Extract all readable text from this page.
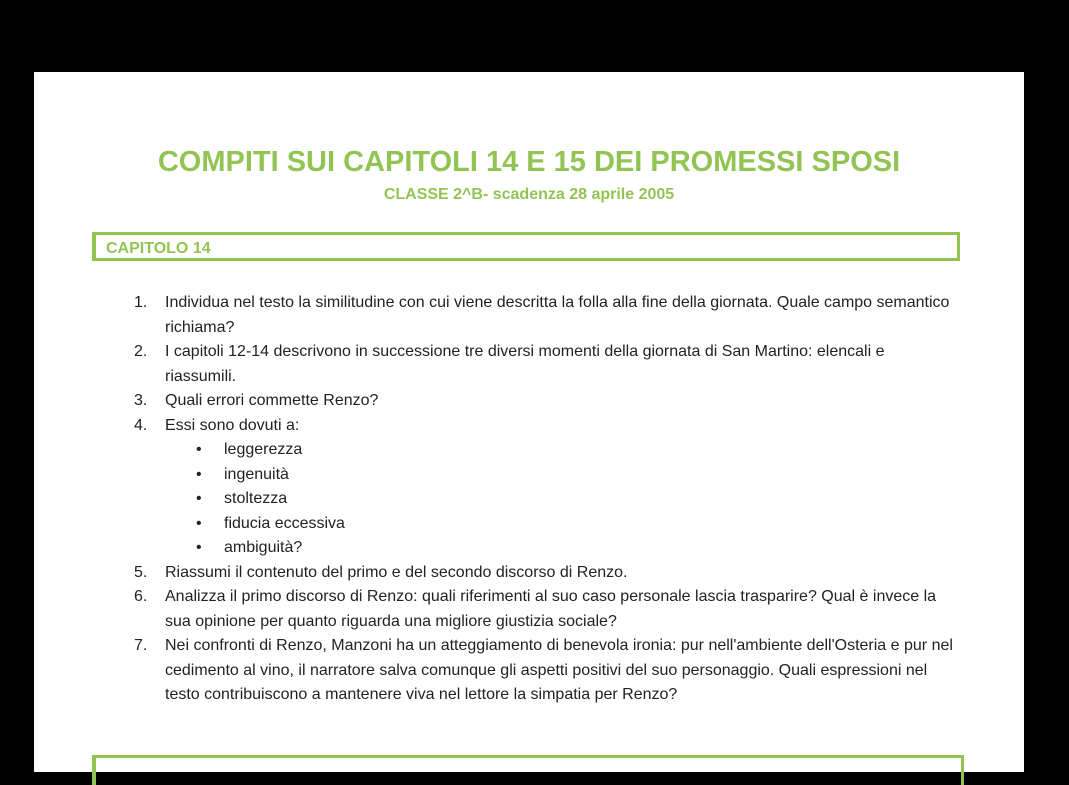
COMPITI SUI CAPITOLI 14 E 15 DEI PROMESSI SPOSI
CLASSE 2^B- scadenza 28 aprile 2005
CAPITOLO 14
1.	Individua nel testo la similitudine con cui viene descritta la folla alla fine della giornata. Quale campo semantico richiama?
2.	I capitoli 12-14 descrivono in successione tre diversi momenti della giornata di San Martino: elencali e riassumili.
3.	Quali errori commette Renzo?
4.	Essi sono dovuti a:
• leggerezza
• ingenuità
• stoltezza
• fiducia eccessiva
• ambiguità?
5.	Riassumi il contenuto del primo e del secondo discorso di Renzo.
6.	Analizza il primo discorso di Renzo: quali riferimenti al suo caso personale lascia trasparire? Qual è invece la sua opinione per quanto riguarda una migliore giustizia sociale?
7.	Nei confronti di Renzo, Manzoni ha un atteggiamento di benevola ironia: pur nell'ambiente dell'Osteria e pur nel cedimento al vino, il narratore salva comunque gli aspetti positivi del suo personaggio. Quali espressioni nel testo contribuiscono a mantenere viva nel lettore la simpatia per Renzo?
